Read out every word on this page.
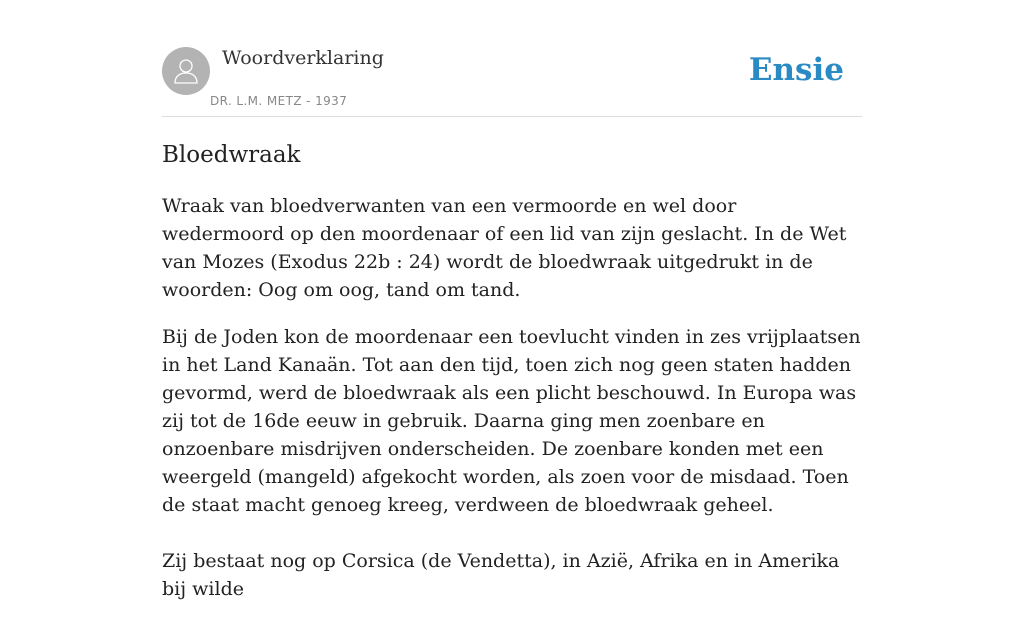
Woordverklaring
DR. L.M. METZ - 1937
Ensie
Bloedwraak

Wraak van bloedverwanten van een vermoorde en wel door wedermoord op den moordenaar of een lid van zijn geslacht. In de Wet van Mozes (Exodus 22b : 24) wordt de bloedwraak uitgedrukt in de woorden: Oog om oog, tand om tand.

Bij de Joden kon de moordenaar een toevlucht vinden in zes vrijplaatsen in het Land Kanaän. Tot aan den tijd, toen zich nog geen staten hadden gevormd, werd de bloedwraak als een plicht beschouwd. In Europa was zij tot de 16de eeuw in gebruik. Daarna ging men zoenbare en onzoenbare misdrijven onderscheiden. De zoenbare konden met een weergeld (mangeld) afgekocht worden, als zoen voor de misdaad. Toen de staat macht genoeg kreeg, verdween de bloedwraak geheel.

Zij bestaat nog op Corsica (de Vendetta), in Azië, Afrika en in Amerika bij wilde
